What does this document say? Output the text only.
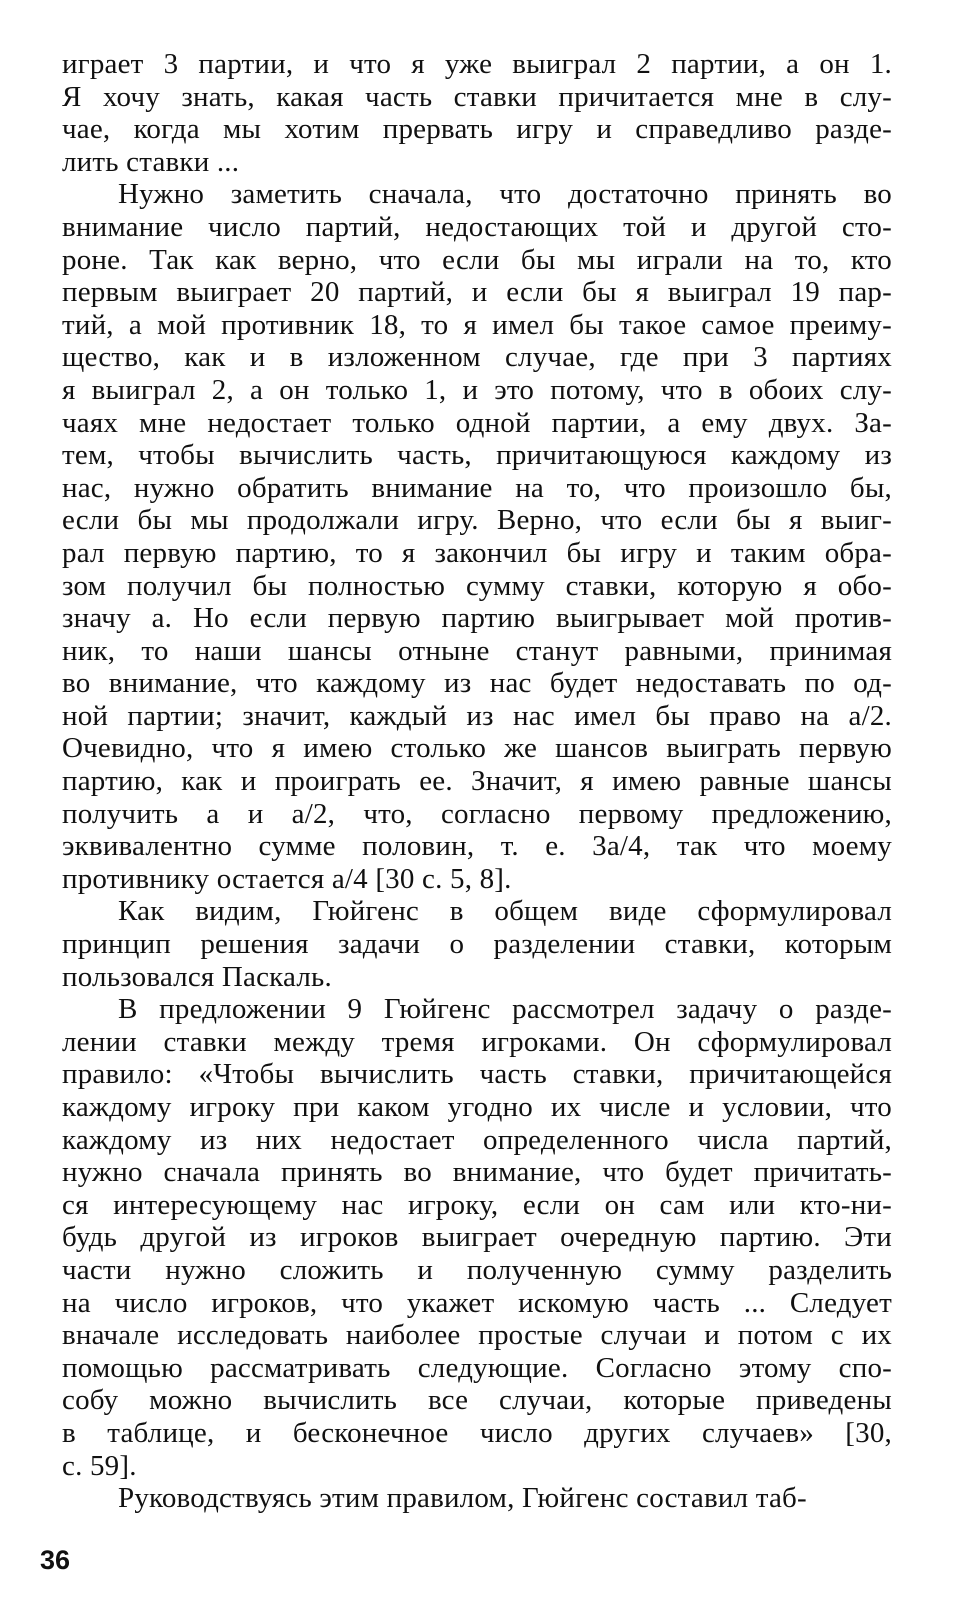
играет 3 партии, и что я уже выиграл 2 партии, а он 1.
Я хочу знать, какая часть ставки причитается мне в слу-
чае, когда мы хотим прервать игру и справедливо разде-
лить ставки ...
Нужно заметить сначала, что достаточно принять во
внимание число партий, недостающих той и другой сто-
роне. Так как верно, что если бы мы играли на то, кто
первым выиграет 20 партий, и если бы я выиграл 19 пар-
тий, а мой противник 18, то я имел бы такое самое преиму-
щество, как и в изложенном случае, где при 3 партиях
я выиграл 2, а он только 1, и это потому, что в обоих слу-
чаях мне недостает только одной партии, а ему двух. За-
тем, чтобы вычислить часть, причитающуюся каждому из
нас, нужно обратить внимание на то, что произошло бы,
если бы мы продолжали игру. Верно, что если бы я выиг-
рал первую партию, то я закончил бы игру и таким обра-
зом получил бы полностью сумму ставки, которую я обо-
значу a. Но если первую партию выигрывает мой против-
ник, то наши шансы отныне станут равными, принимая
во внимание, что каждому из нас будет недоставать по од-
ной партии; значит, каждый из нас имел бы право на a/2.
Очевидно, что я имею столько же шансов выиграть первую
партию, как и проиграть ее. Значит, я имею равные шансы
получить a и a/2, что, согласно первому предложению,
эквивалентно сумме половин, т. е. 3a/4, так что моему
противнику остается a/4 [30 с. 5, 8].
Как видим, Гюйгенс в общем виде сформулировал
принцип решения задачи о разделении ставки, которым
пользовался Паскаль.
В предложении 9 Гюйгенс рассмотрел задачу о разде-
лении ставки между тремя игроками. Он сформулировал
правило: «Чтобы вычислить часть ставки, причитающейся
каждому игроку при каком угодно их числе и условии, что
каждому из них недостает определенного числа партий,
нужно сначала принять во внимание, что будет причитать-
ся интересующему нас игроку, если он сам или кто-ни-
будь другой из игроков выиграет очередную партию. Эти
части нужно сложить и полученную сумму разделить
на число игроков, что укажет искомую часть ... Следует
вначале исследовать наиболее простые случаи и потом с их
помощью рассматривать следующие. Согласно этому спо-
собу можно вычислить все случаи, которые приведены
в таблице, и бесконечное число других случаев» [30,
с. 59].
Руководствуясь этим правилом, Гюйгенс составил таб-
36
